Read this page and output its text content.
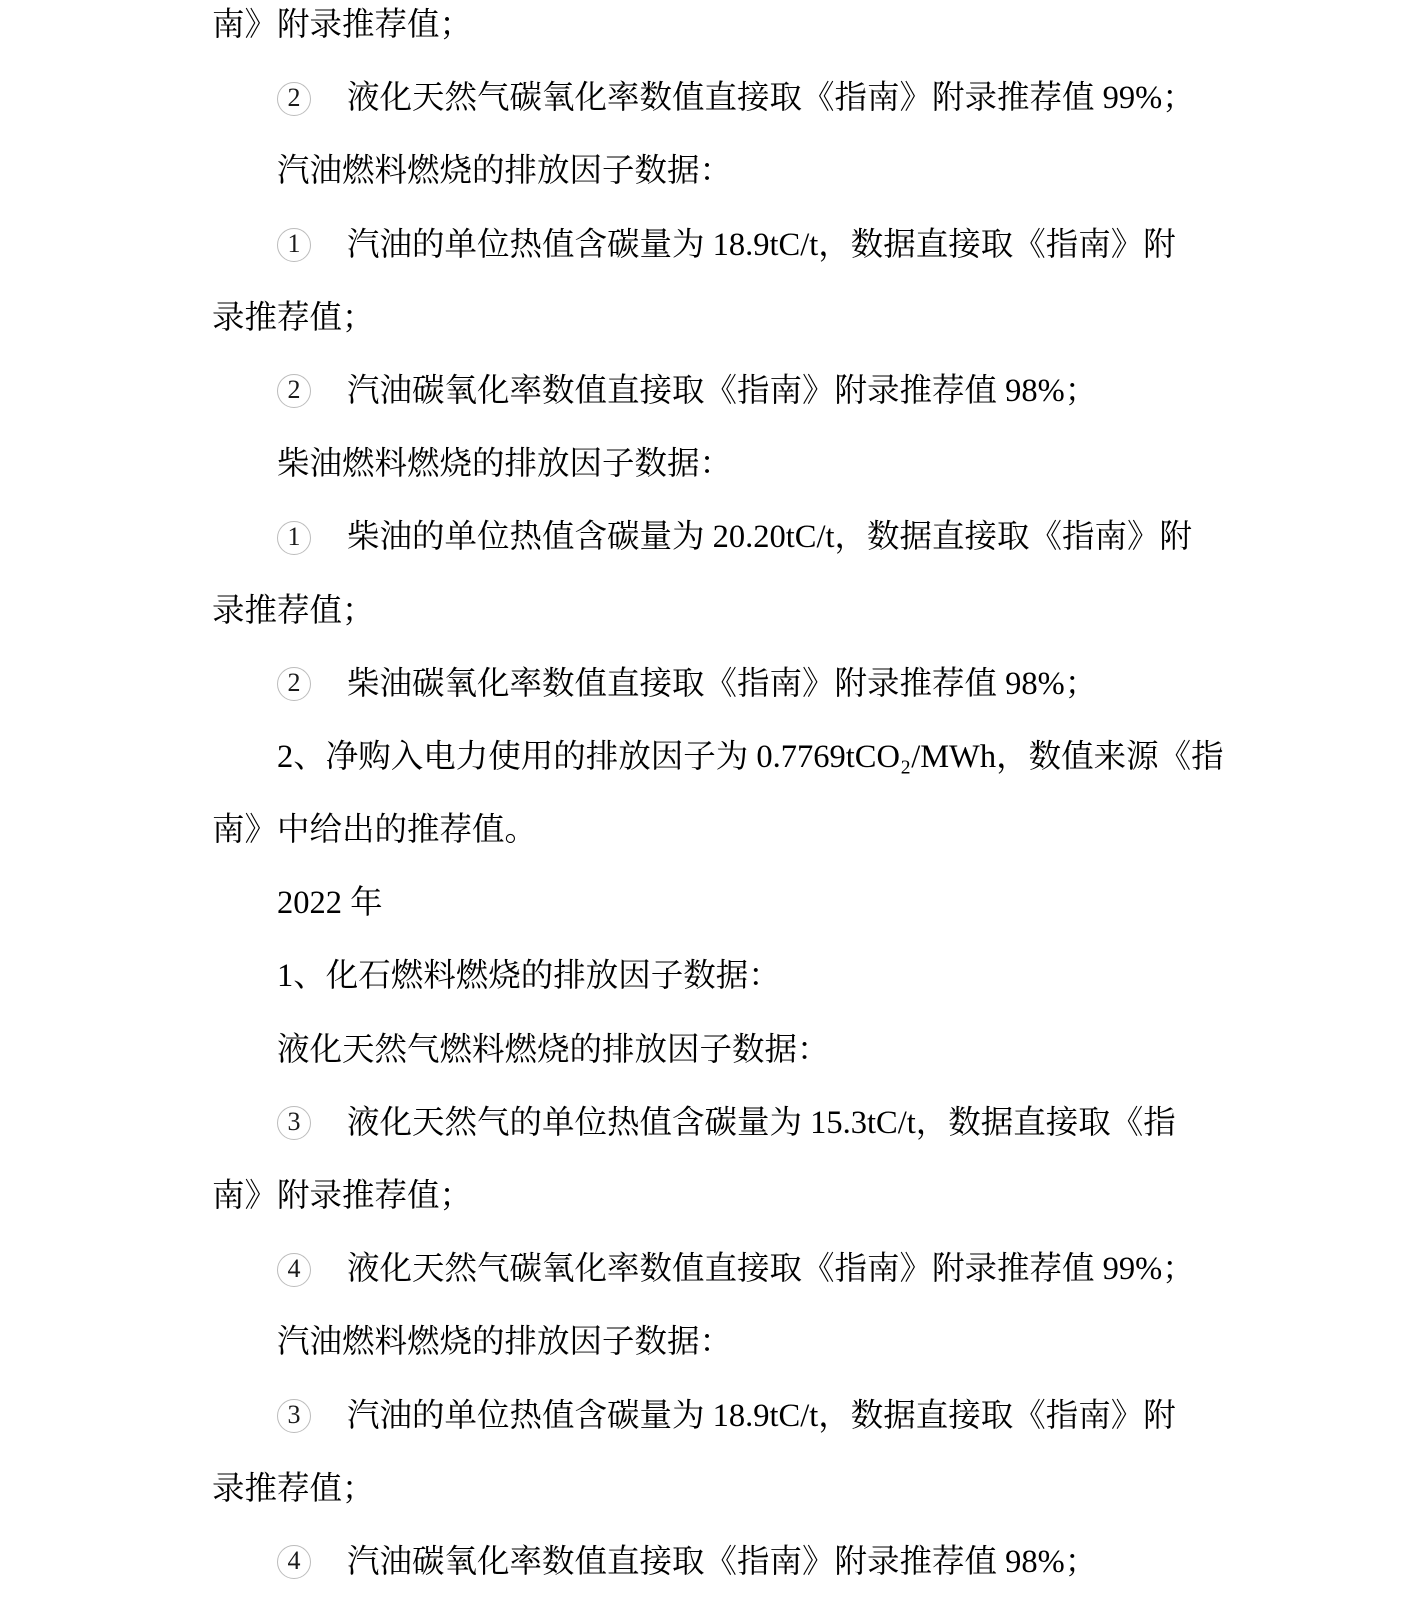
南》附录推荐值；
2 液化天然气碳氧化率数值直接取《指南》附录推荐值 99%；
汽油燃料燃烧的排放因子数据：
1 汽油的单位热值含碳量为 18.9tC/t，数据直接取《指南》附
录推荐值；
2 汽油碳氧化率数值直接取《指南》附录推荐值 98%；
柴油燃料燃烧的排放因子数据：
1 柴油的单位热值含碳量为 20.20tC/t，数据直接取《指南》附
录推荐值；
2 柴油碳氧化率数值直接取《指南》附录推荐值 98%；
2、净购入电力使用的排放因子为 0.7769tCO₂/MWh，数值来源《指
南》中给出的推荐值。
2022 年
1、化石燃料燃烧的排放因子数据：
液化天然气燃料燃烧的排放因子数据：
3 液化天然气的单位热值含碳量为 15.3tC/t，数据直接取《指
南》附录推荐值；
4 液化天然气碳氧化率数值直接取《指南》附录推荐值 99%；
汽油燃料燃烧的排放因子数据：
3 汽油的单位热值含碳量为 18.9tC/t，数据直接取《指南》附
录推荐值；
4 汽油碳氧化率数值直接取《指南》附录推荐值 98%；
